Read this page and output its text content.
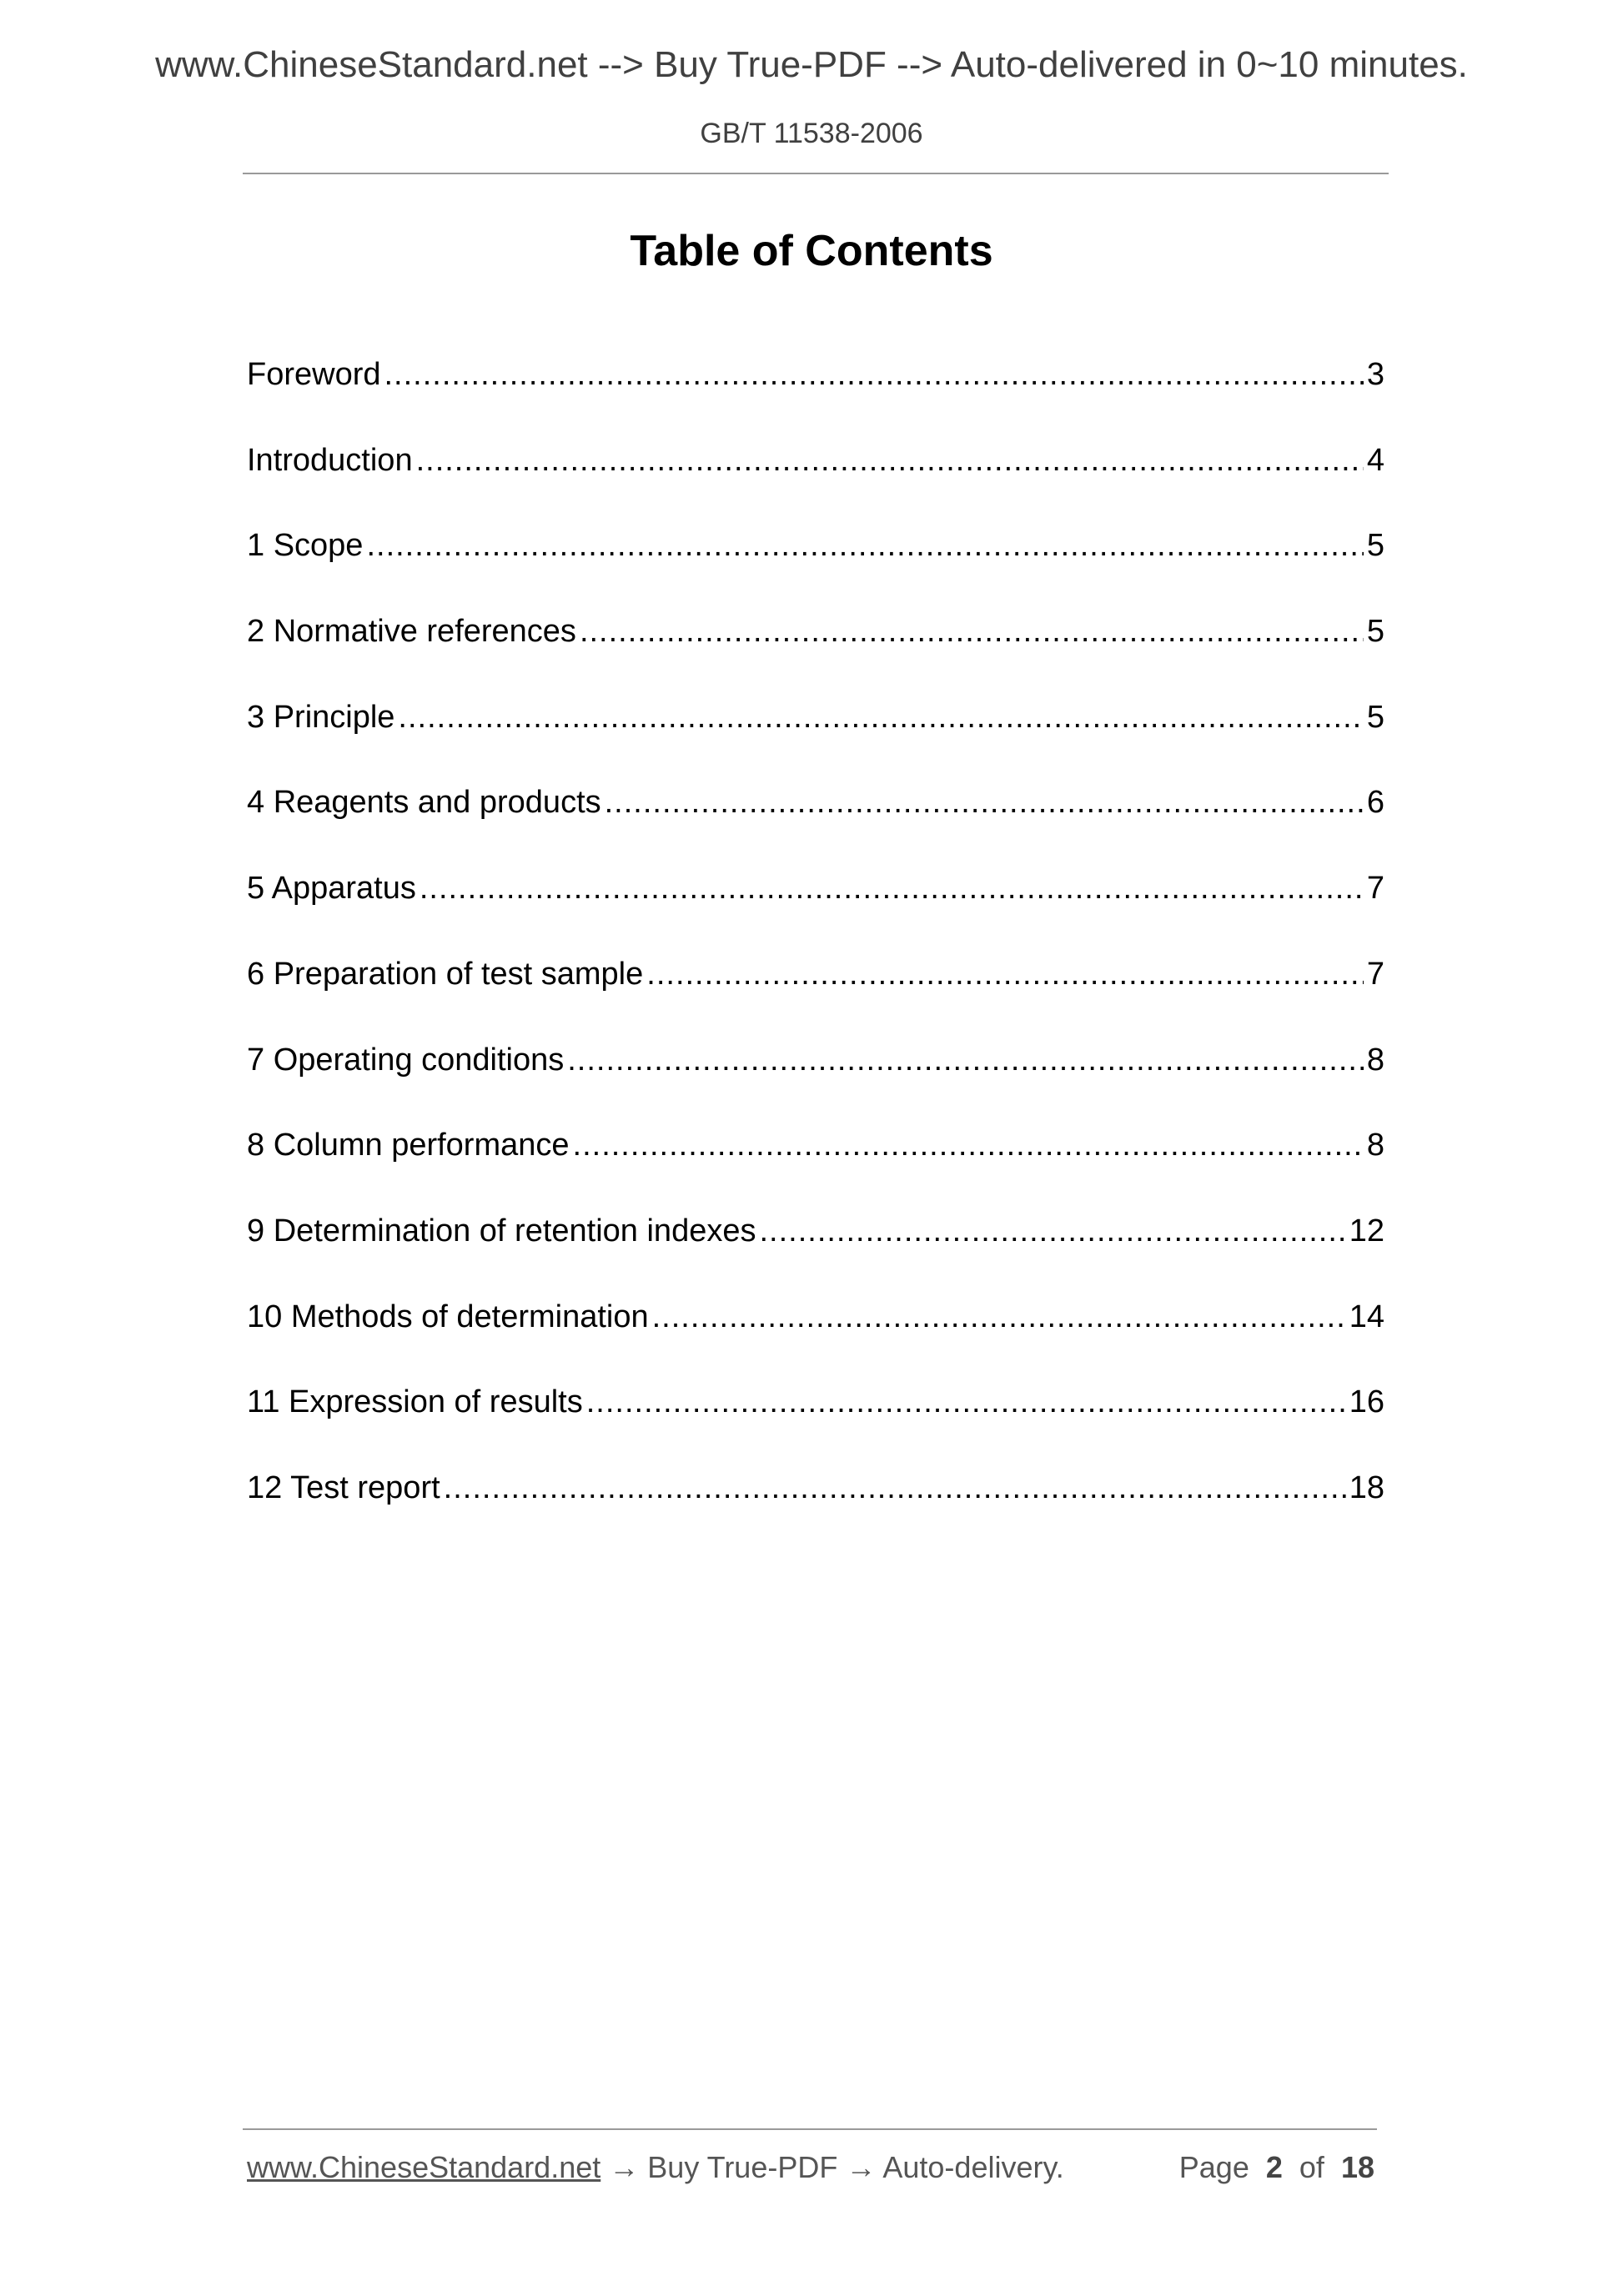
www.ChineseStandard.net --> Buy True-PDF --> Auto-delivered in 0~10 minutes.
GB/T 11538-2006
Table of Contents
Foreword .....	3
Introduction .....	4
1 Scope .....	5
2 Normative references .....	5
3 Principle .....	5
4 Reagents and products .....	6
5 Apparatus .....	7
6 Preparation of test sample .....	7
7 Operating conditions .....	8
8 Column performance .....	8
9 Determination of retention indexes .....	12
10 Methods of determination .....	14
11 Expression of results .....	16
12 Test report .....	18
www.ChineseStandard.net → Buy True-PDF → Auto-delivery.	Page 2 of 18
